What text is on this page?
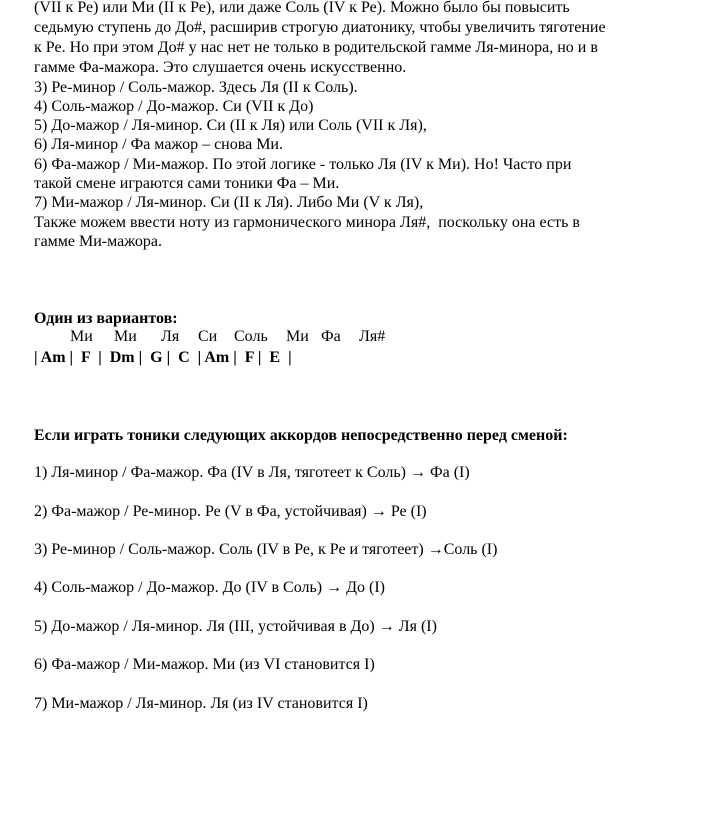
(VII к Ре) или Ми (II к Ре), или даже Соль (IV к Ре). Можно было бы повысить
седьмую ступень до До#, расширив строгую диатонику, чтобы увеличить тяготение
к Ре. Но при этом До# у нас нет не только в родительской гамме Ля-минора, но и в
гамме Фа-мажора. Это слушается очень искусственно.
3) Ре-минор / Соль-мажор. Здесь Ля (II к Соль).
4) Соль-мажор / До-мажор. Си (VII к До)
5) До-мажор / Ля-минор. Си (II к Ля) или Соль (VII к Ля),
6) Ля-минор / Фа мажор – снова Ми.
6) Фа-мажор / Ми-мажор. По этой логике - только Ля (IV к Ми). Но! Часто при
такой смене играются сами тоники Фа – Ми.
7) Ми-мажор / Ля-минор. Си (II к Ля). Либо Ми (V к Ля),
Также можем ввести ноту из гармонического минора Ля#,  поскольку она есть в
гамме Ми-мажора.
Один из вариантов:
Ми Ми Ля Си Соль Ми Фа Ля#
| Am |  F  |  Dm |  G |  C  | Am |  F |  E  |
Если играть тоники следующих аккордов непосредственно перед сменой:
1) Ля-минор / Фа-мажор. Фа (IV в Ля, тяготеет к Соль) → Фа (I)
2) Фа-мажор / Ре-минор. Ре (V в Фа, устойчивая) → Ре (I)
3) Ре-минор / Соль-мажор. Соль (IV в Ре, к Ре и тяготеет) →Соль (I)
4) Соль-мажор / До-мажор. До (IV в Соль) → До (I)
5) До-мажор / Ля-минор. Ля (III, устойчивая в До) → Ля (I)
6) Фа-мажор / Ми-мажор. Ми (из VI становится I)
7) Ми-мажор / Ля-минор. Ля (из IV становится I)
